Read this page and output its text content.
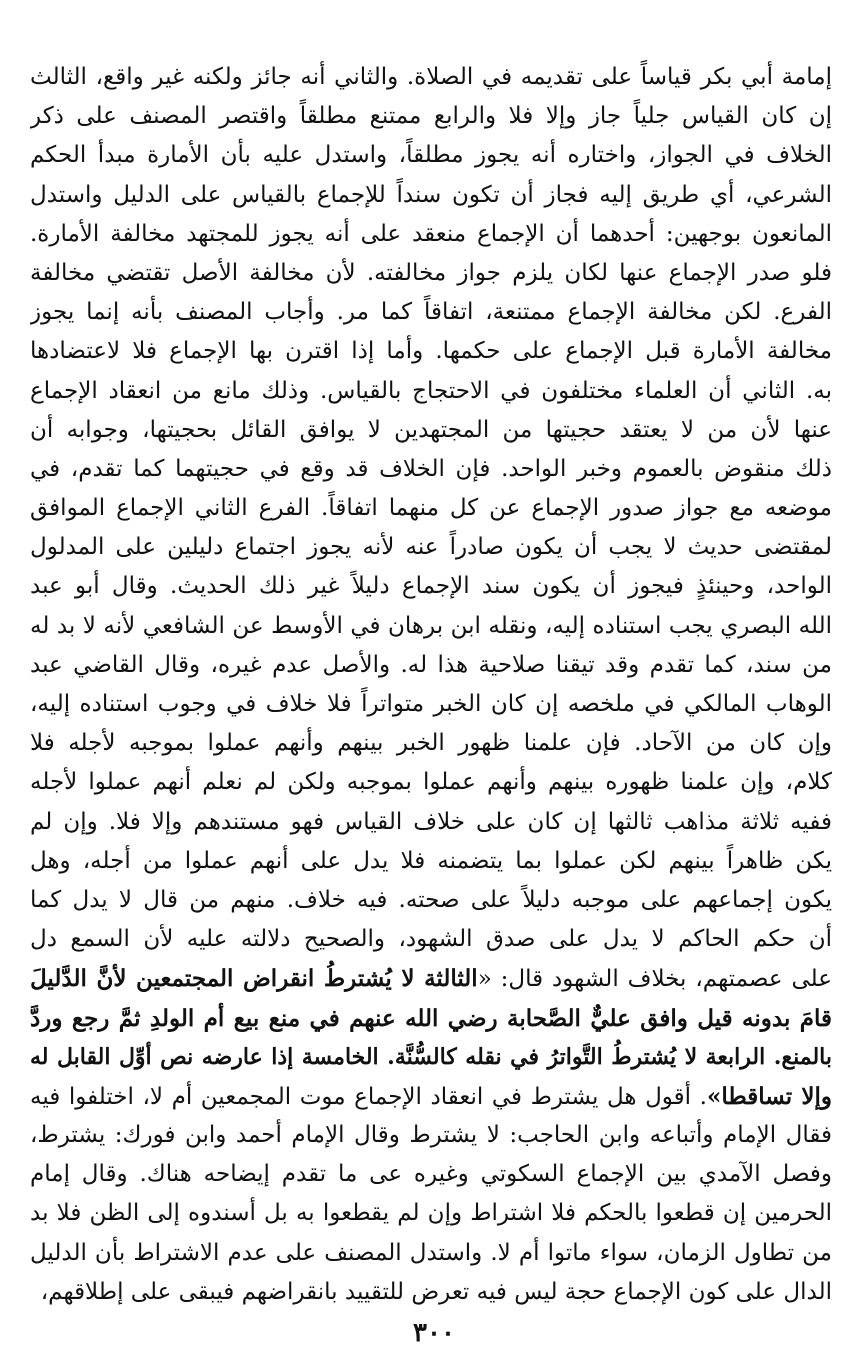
إمامة أبي بكر قياساً على تقديمه في الصلاة. والثاني أنه جائز ولكنه غير واقع، الثالث
إن كان القياس جلياً جاز وإلا فلا والرابع ممتنع مطلقاً واقتصر المصنف على ذكر
الخلاف في الجواز، واختاره أنه يجوز مطلقاً، واستدل عليه بأن الأمارة مبدأ الحكم
الشرعي، أي طريق إليه فجاز أن تكون سنداً للإجماع بالقياس على الدليل واستدل
المانعون بوجهين: أحدهما أن الإجماع منعقد على أنه يجوز للمجتهد مخالفة الأمارة.
فلو صدر الإجماع عنها لكان يلزم جواز مخالفته. لأن مخالفة الأصل تقتضي مخالفة
الفرع. لكن مخالفة الإجماع ممتنعة، اتفاقاً كما مر. وأجاب المصنف بأنه إنما يجوز
مخالفة الأمارة قبل الإجماع على حكمها. وأما إذا اقترن بها الإجماع فلا لاعتضادها
به. الثاني أن العلماء مختلفون في الاحتجاج بالقياس. وذلك مانع من انعقاد الإجماع
عنها لأن من لا يعتقد حجيتها من المجتهدين لا يوافق القائل بحجيتها، وجوابه أن
ذلك منقوض بالعموم وخبر الواحد. فإن الخلاف قد وقع في حجيتهما كما تقدم، في
موضعه مع جواز صدور الإجماع عن كل منهما اتفاقاً. الفرع الثاني الإجماع الموافق
لمقتضى حديث لا يجب أن يكون صادراً عنه لأنه يجوز اجتماع دليلين على المدلول
الواحد، وحينئذٍ فيجوز أن يكون سند الإجماع دليلاً غير ذلك الحديث. وقال أبو عبد
الله البصري يجب استناده إليه، ونقله ابن برهان في الأوسط عن الشافعي لأنه لا بد له
من سند، كما تقدم وقد تيقنا صلاحية هذا له. والأصل عدم غيره، وقال القاضي عبد
الوهاب المالكي في ملخصه إن كان الخبر متواتراً فلا خلاف في وجوب استناده إليه،
وإن كان من الآحاد. فإن علمنا ظهور الخبر بينهم وأنهم عملوا بموجبه لأجله فلا
كلام، وإن علمنا ظهوره بينهم وأنهم عملوا بموجبه ولكن لم نعلم أنهم عملوا لأجله
ففيه ثلاثة مذاهب ثالثها إن كان على خلاف القياس فهو مستندهم وإلا فلا. وإن لم
يكن ظاهراً بينهم لكن عملوا بما يتضمنه فلا يدل على أنهم عملوا من أجله، وهل
يكون إجماعهم على موجبه دليلاً على صحته. فيه خلاف. منهم من قال لا يدل كما
أن حكم الحاكم لا يدل على صدق الشهود، والصحيح دلالته عليه لأن السمع دل
على عصمتهم، بخلاف الشهود قال: «الثالثة لا يُشترطُ انقراض المجتمعين لأنَّ الدَّليلَ
قامَ بدونه قيل وافق عليٌّ الصَّحابة رضي الله عنهم في منع بيع أم الولدِ ثمَّ رجع وردَّ
بالمنع. الرابعة لا يُشترطُ التَّواترُ في نقله كالسُّنَّة. الخامسة إذا عارضه نص أوِّل القابل له
وإلا تساقطا». أقول هل يشترط في انعقاد الإجماع موت المجمعين أم لا، اختلفوا فيه
فقال الإمام وأتباعه وابن الحاجب: لا يشترط وقال الإمام أحمد وابن فورك: يشترط،
وفصل الآمدي بين الإجماع السكوتي وغيره عى ما تقدم إيضاحه هناك. وقال إمام
الحرمين إن قطعوا بالحكم فلا اشتراط وإن لم يقطعوا به بل أسندوه إلى الظن فلا بد
من تطاول الزمان، سواء ماتوا أم لا. واستدل المصنف على عدم الاشتراط بأن الدليل
الدال على كون الإجماع حجة ليس فيه تعرض للتقييد بانقراضهم فيبقى على إطلاقهم،
٣٠٠
